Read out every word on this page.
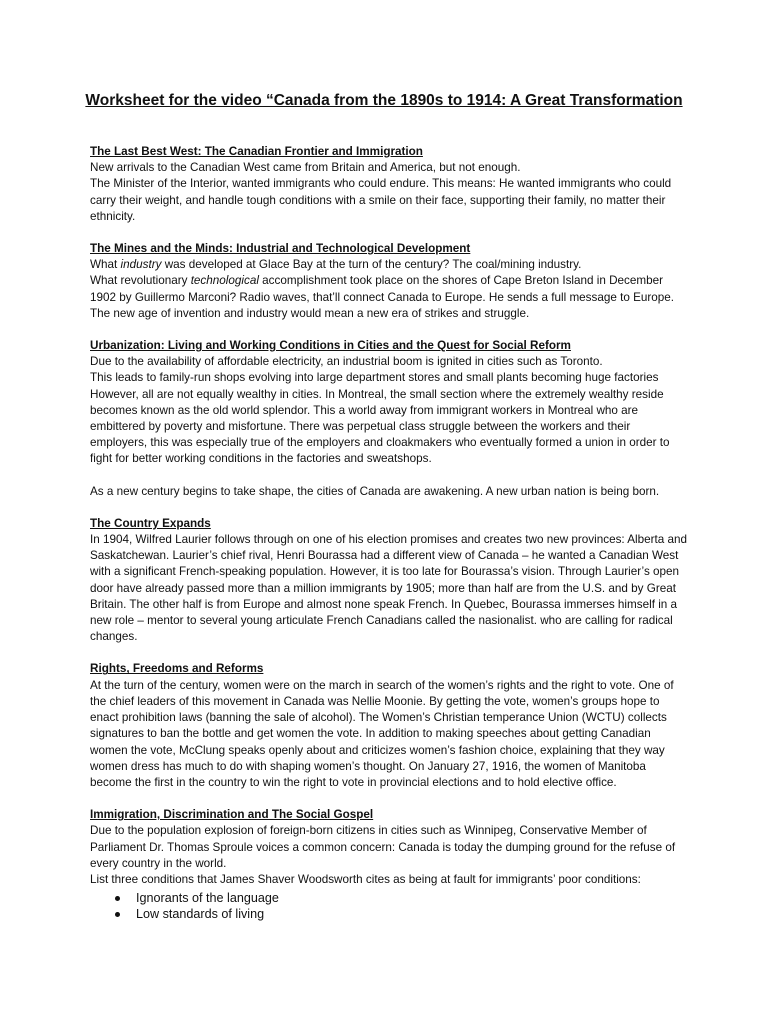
Worksheet for the video “Canada from the 1890s to 1914: A Great Transformation

The Last Best West: The Canadian Frontier and Immigration

New arrivals to the Canadian West came from Britain and America, but not enough.

The Minister of the Interior, wanted immigrants who could endure. This means: He wanted immigrants who could carry their weight, and handle tough conditions with a smile on their face, supporting their family, no matter their ethnicity.

The Mines and the Minds: Industrial and Technological Development

What industry was developed at Glace Bay at the turn of the century? The coal/mining industry.

What revolutionary technological accomplishment took place on the shores of Cape Breton Island in December 1902 by Guillermo Marconi? Radio waves, that’ll connect Canada to Europe. He sends a full message to Europe.

The new age of invention and industry would mean a new era of strikes and struggle.

Urbanization: Living and Working Conditions in Cities and the Quest for Social Reform

Due to the availability of affordable electricity, an industrial boom is ignited in cities such as Toronto.

This leads to family-run shops evolving into large department stores and small plants becoming huge factories However, all are not equally wealthy in cities. In Montreal, the small section where the extremely wealthy reside becomes known as the old world splendor. This a world away from immigrant workers in Montreal who are embittered by poverty and misfortune. There was perpetual class struggle between the workers and their employers, this was especially true of the employers and cloakmakers who eventually formed a union in order to fight for better working conditions in the factories and sweatshops.

As a new century begins to take shape, the cities of Canada are awakening. A new urban nation is being born.

The Country Expands

In 1904, Wilfred Laurier follows through on one of his election promises and creates two new provinces: Alberta and Saskatchewan. Laurier’s chief rival, Henri Bourassa had a different view of Canada – he wanted a Canadian West with a significant French-speaking population. However, it is too late for Bourassa’s vision. Through Laurier’s open door have already passed more than a million immigrants by 1905; more than half are from the U.S. and by Great Britain. The other half is from Europe and almost none speak French. In Quebec, Bourassa immerses himself in a new role – mentor to several young articulate French Canadians called the nasionalist. who are calling for radical changes.

Rights, Freedoms and Reforms

At the turn of the century, women were on the march in search of the women’s rights and the right to vote. One of the chief leaders of this movement in Canada was Nellie Moonie. By getting the vote, women’s groups hope to enact prohibition laws (banning the sale of alcohol). The Women’s Christian temperance Union (WCTU) collects signatures to ban the bottle and get women the vote. In addition to making speeches about getting Canadian women the vote, McClung speaks openly about and criticizes women’s fashion choice, explaining that they way women dress has much to do with shaping women’s thought. On January 27, 1916, the women of Manitoba become the first in the country to win the right to vote in provincial elections and to hold elective office.

Immigration, Discrimination and The Social Gospel

Due to the population explosion of foreign-born citizens in cities such as Winnipeg, Conservative Member of Parliament Dr. Thomas Sproule voices a common concern: Canada is today the dumping ground for the refuse of every country in the world.

List three conditions that James Shaver Woodsworth cites as being at fault for immigrants’ poor conditions:

Ignorants of the language
Low standards of living
